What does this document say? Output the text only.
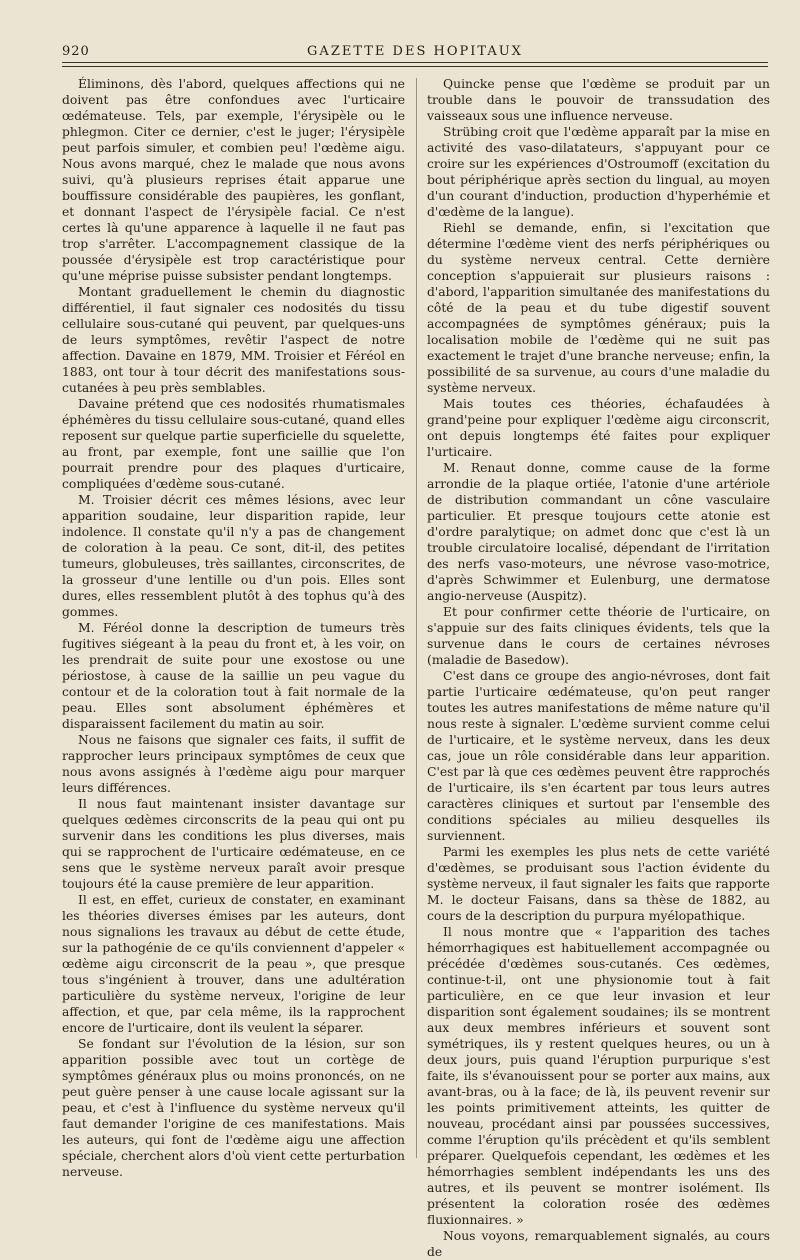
920	GAZETTE DES HOPITAUX

Éliminons, dès l'abord, quelques affections qui ne doivent pas être confondues avec l'urticaire œdémateuse. Tels, par exemple, l'érysipèle ou le phlegmon. Citer ce dernier, c'est le juger; l'érysipèle peut parfois simuler, et combien peu! l'œdème aigu. Nous avons marqué, chez le malade que nous avons suivi, qu'à plusieurs reprises était apparue une bouffissure considérable des paupières, les gonflant, et donnant l'aspect de l'érysipèle facial. Ce n'est certes là qu'une apparence à laquelle il ne faut pas trop s'arrêter. L'accompagnement classique de la poussée d'érysipèle est trop caractéristique pour qu'une méprise puisse subsister pendant longtemps.

Montant graduellement le chemin du diagnostic différentiel, il faut signaler ces nodosités du tissu cellulaire sous-cutané qui peuvent, par quelques-uns de leurs symptômes, revêtir l'aspect de notre affection. Davaine en 1879, MM. Troisier et Féréol en 1883, ont tour à tour décrit des manifestations sous-cutanées à peu près semblables.

Davaine prétend que ces nodosités rhumatismales éphémères du tissu cellulaire sous-cutané, quand elles reposent sur quelque partie superficielle du squelette, au front, par exemple, font une saillie que l'on pourrait prendre pour des plaques d'urticaire, compliquées d'œdème sous-cutané.

M. Troisier décrit ces mêmes lésions, avec leur apparition soudaine, leur disparition rapide, leur indolence. Il constate qu'il n'y a pas de changement de coloration à la peau. Ce sont, dit-il, des petites tumeurs, globuleuses, très saillantes, circonscrites, de la grosseur d'une lentille ou d'un pois. Elles sont dures, elles ressemblent plutôt à des tophus qu'à des gommes.

M. Féréol donne la description de tumeurs très fugitives siégeant à la peau du front et, à les voir, on les prendrait de suite pour une exostose ou une périostose, à cause de la saillie un peu vague du contour et de la coloration tout à fait normale de la peau. Elles sont absolument éphémères et disparaissent facilement du matin au soir.

Nous ne faisons que signaler ces faits, il suffit de rapprocher leurs principaux symptômes de ceux que nous avons assignés à l'œdème aigu pour marquer leurs différences.

Il nous faut maintenant insister davantage sur quelques œdèmes circonscrits de la peau qui ont pu survenir dans les conditions les plus diverses, mais qui se rapprochent de l'urticaire œdémateuse, en ce sens que le système nerveux paraît avoir presque toujours été la cause première de leur apparition.

Il est, en effet, curieux de constater, en examinant les théories diverses émises par les auteurs, dont nous signalions les travaux au début de cette étude, sur la pathogénie de ce qu'ils conviennent d'appeler « œdème aigu circonscrit de la peau », que presque tous s'ingénient à trouver, dans une adultération particulière du système nerveux, l'origine de leur affection, et que, par cela même, ils la rapprochent encore de l'urticaire, dont ils veulent la séparer.

Se fondant sur l'évolution de la lésion, sur son apparition possible avec tout un cortège de symptômes généraux plus ou moins prononcés, on ne peut guère penser à une cause locale agissant sur la peau, et c'est à l'influence du système nerveux qu'il faut demander l'origine de ces manifestations. Mais les auteurs, qui font de l'œdème aigu une affection spéciale, cherchent alors d'où vient cette perturbation nerveuse.

Quincke pense que l'œdème se produit par un trouble dans le pouvoir de transsudation des vaisseaux sous une influence nerveuse.

Strübing croit que l'œdème apparaît par la mise en activité des vaso-dilatateurs, s'appuyant pour ce croire sur les expériences d'Ostroumoff (excitation du bout périphérique après section du lingual, au moyen d'un courant d'induction, production d'hyperhémie et d'œdème de la langue).

Riehl se demande, enfin, si l'excitation que détermine l'œdème vient des nerfs périphériques ou du système nerveux central. Cette dernière conception s'appuierait sur plusieurs raisons : d'abord, l'apparition simultanée des manifestations du côté de la peau et du tube digestif souvent accompagnées de symptômes généraux; puis la localisation mobile de l'œdème qui ne suit pas exactement le trajet d'une branche nerveuse; enfin, la possibilité de sa survenue, au cours d'une maladie du système nerveux.

Mais toutes ces théories, échafaudées à grand'peine pour expliquer l'œdème aigu circonscrit, ont depuis longtemps été faites pour expliquer l'urticaire.

M. Renaut donne, comme cause de la forme arrondie de la plaque ortiée, l'atonie d'une artériole de distribution commandant un cône vasculaire particulier. Et presque toujours cette atonie est d'ordre paralytique; on admet donc que c'est là un trouble circulatoire localisé, dépendant de l'irritation des nerfs vaso-moteurs, une névrose vaso-motrice, d'après Schwimmer et Eulenburg, une dermatose angio-nerveuse (Auspitz).

Et pour confirmer cette théorie de l'urticaire, on s'appuie sur des faits cliniques évidents, tels que la survenue dans le cours de certaines névroses (maladie de Basedow).

C'est dans ce groupe des angio-névroses, dont fait partie l'urticaire œdémateuse, qu'on peut ranger toutes les autres manifestations de même nature qu'il nous reste à signaler. L'œdème survient comme celui de l'urticaire, et le système nerveux, dans les deux cas, joue un rôle considérable dans leur apparition. C'est par là que ces œdèmes peuvent être rapprochés de l'urticaire, ils s'en écartent par tous leurs autres caractères cliniques et surtout par l'ensemble des conditions spéciales au milieu desquelles ils surviennent.

Parmi les exemples les plus nets de cette variété d'œdèmes, se produisant sous l'action évidente du système nerveux, il faut signaler les faits que rapporte M. le docteur Faisans, dans sa thèse de 1882, au cours de la description du purpura myélopathique.

Il nous montre que « l'apparition des taches hémorrhagiques est habituellement accompagnée ou précédée d'œdèmes sous-cutanés. Ces œdèmes, continue-t-il, ont une physionomie tout à fait particulière, en ce que leur invasion et leur disparition sont également soudaines; ils se montrent aux deux membres inférieurs et souvent sont symétriques, ils y restent quelques heures, ou un à deux jours, puis quand l'éruption purpurique s'est faite, ils s'évanouissent pour se porter aux mains, aux avant-bras, ou à la face; de là, ils peuvent revenir sur les points primitivement atteints, les quitter de nouveau, procédant ainsi par poussées successives, comme l'éruption qu'ils précèdent et qu'ils semblent préparer. Quelquefois cependant, les œdèmes et les hémorrhagies semblent indépendants les uns des autres, et ils peuvent se montrer isolément. Ils présentent la coloration rosée des œdèmes fluxionnaires. »

Nous voyons, remarquablement signalés, au cours de
